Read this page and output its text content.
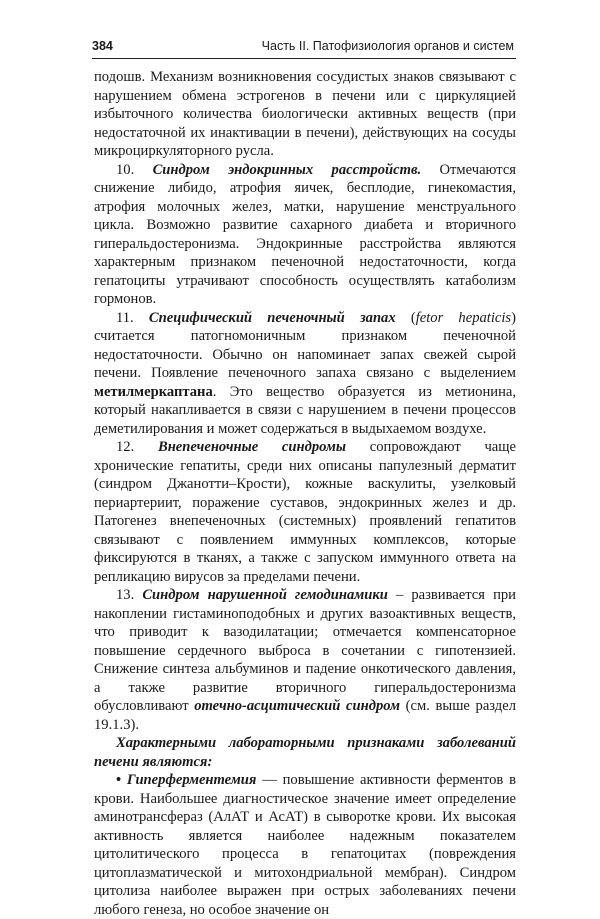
384	Часть II. Патофизиология органов и систем

подошв. Механизм возникновения сосудистых знаков связывают с нарушением обмена эстрогенов в печени или с циркуляцией избыточного количества биологически активных веществ (при недостаточной их инактивации в печени), действующих на сосуды микроциркуляторного русла.

10. Синдром эндокринных расстройств. Отмечаются снижение либидо, атрофия яичек, бесплодие, гинекомастия, атрофия молочных желез, матки, нарушение менструального цикла. Возможно развитие сахарного диабета и вторичного гиперальдостеронизма. Эндокринные расстройства являются характерным признаком печеночной недостаточности, когда гепатоциты утрачивают способность осуществлять катаболизм гормонов.

11. Специфический печеночный запах (fetor hepaticis) считается патогномоничным признаком печеночной недостаточности. Обычно он напоминает запах свежей сырой печени. Появление печеночного запаха связано с выделением метилмеркаптана. Это вещество образуется из метионина, который накапливается в связи с нарушением в печени процессов деметилирования и может содержаться в выдыхаемом воздухе.

12. Внепеченочные синдромы сопровождают чаще хронические гепатиты, среди них описаны папулезный дерматит (синдром Джанотти–Крости), кожные васкулиты, узелковый периартериит, поражение суставов, эндокринных желез и др. Патогенез внепеченочных (системных) проявлений гепатитов связывают с появлением иммунных комплексов, которые фиксируются в тканях, а также с запуском иммунного ответа на репликацию вирусов за пределами печени.

13. Синдром нарушенной гемодинамики – развивается при накоплении гистаминоподобных и других вазоактивных веществ, что приводит к вазодилатации; отмечается компенсаторное повышение сердечного выброса в сочетании с гипотензией. Снижение синтеза альбуминов и падение онкотического давления, а также развитие вторичного гиперальдостеронизма обусловливают отечно-асцитический синдром (см. выше раздел 19.1.3).

Характерными лабораторными признаками заболеваний печени являются:

• Гиперферментемия — повышение активности ферментов в крови. Наибольшее диагностическое значение имеет определение аминотрансфераз (АлАТ и АсАТ) в сыворотке крови. Их высокая активность является наиболее надежным показателем цитолитического процесса в гепатоцитах (повреждения цитоплазматической и митохондриальной мембран). Синдром цитолиза наиболее выражен при острых заболеваниях печени любого генеза, но особое значение он
